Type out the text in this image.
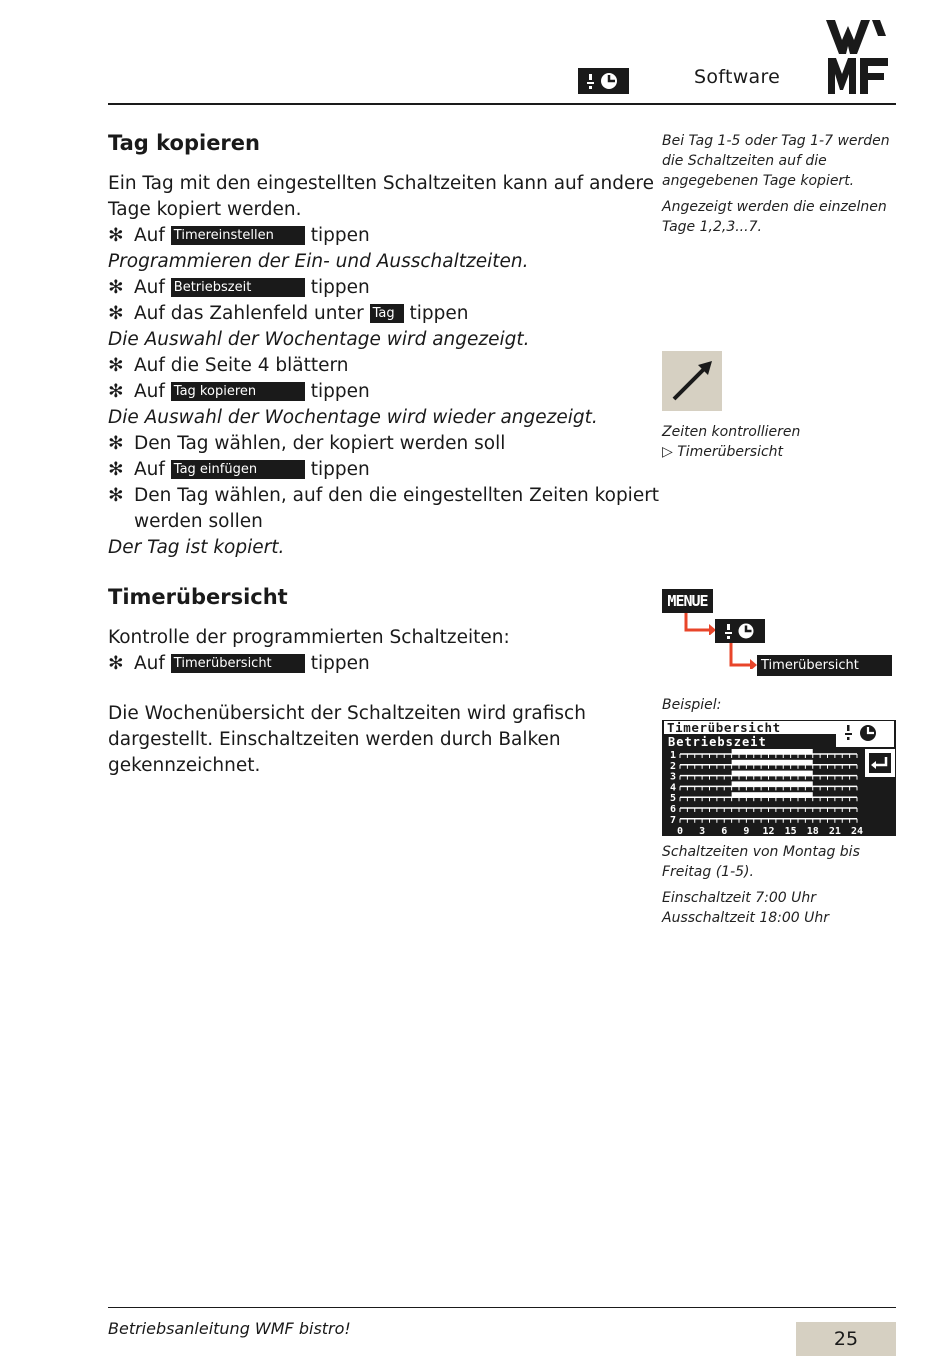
Software
Tag kopieren
Ein Tag mit den eingestellten Schaltzeiten kann auf andere
Tage kopiert werden.
✻ Auf Timereinstellen tippen
Programmieren der Ein- und Ausschaltzeiten.
✻ Auf Betriebszeit	tippen
✻ Auf das Zahlenfeld unter Tag tippen
Die Auswahl der Wochentage wird angezeigt.
✻ Auf die Seite 4 blättern
✻ Auf Tag kopieren	tippen
Die Auswahl der Wochentage wird wieder angezeigt.
✻ Den Tag wählen, der kopiert werden soll
✻ Auf Tag einfügen	tippen
✻ Den Tag wählen, auf den die eingestellten Zeiten kopiert
werden sollen
Der Tag ist kopiert.
Timerübersicht
Kontrolle der programmierten Schaltzeiten:
✻ Auf Timerübersicht tippen
Die Wochenübersicht der Schaltzeiten wird grafisch
dargestellt. Einschaltzeiten werden durch Balken
gekennzeichnet.

Bei Tag 1-5 oder Tag 1-7 werden die Schaltzeiten auf die angegebenen Tage kopiert.

Angezeigt werden die einzelnen Tage 1,2,3...7.

Zeiten kontrollieren
▷ Timerübersicht
MENUE
Timerübersicht
Beispiel:
Timerübersicht
Betriebszeit
1
2
3
4
5
6
7
0 3 6 9 12 15 18 21 24

Schaltzeiten von Montag bis Freitag (1-5).

Einschaltzeit 7:00 Uhr
Ausschaltzeit 18:00 Uhr
Betriebsanleitung WMF bistro!	25
